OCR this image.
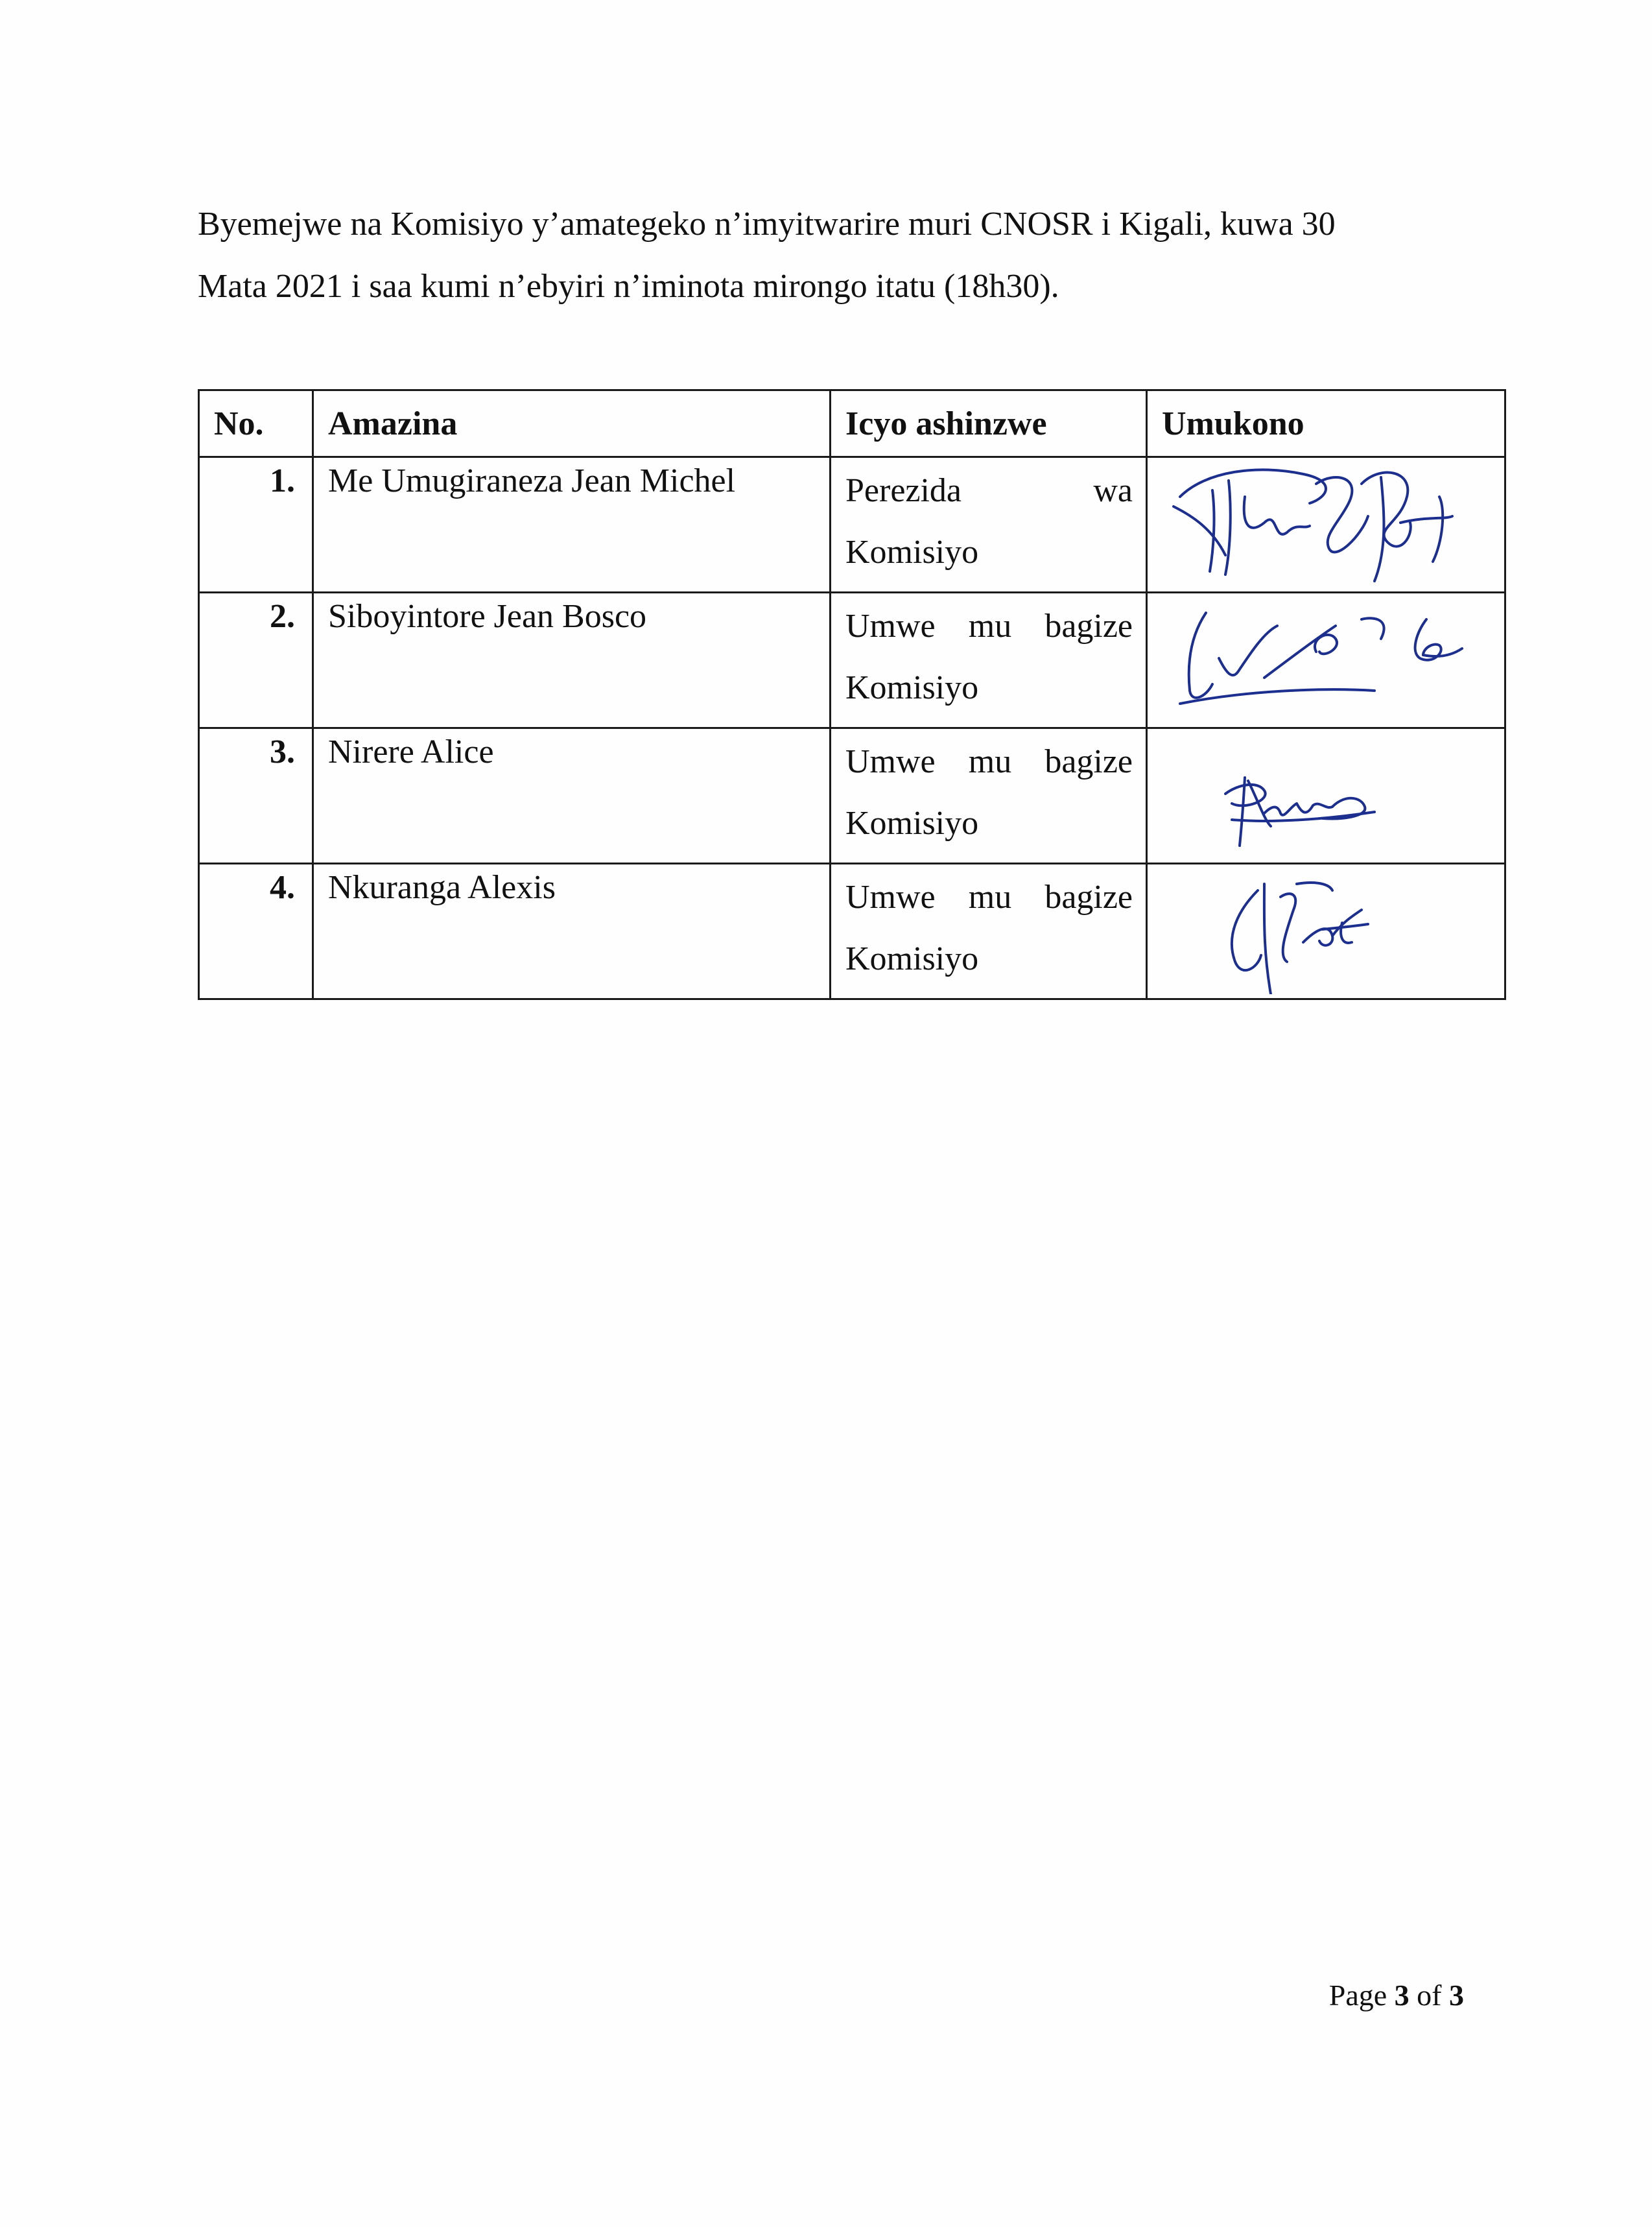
Byemejwe na Komisiyo y’amategeko n’imyitwarire muri CNOSR i Kigali, kuwa 30
Mata 2021 i saa kumi n’ebyiri n’iminota mirongo itatu (18h30).

No.	Amazina	Icyo ashinzwe	Umukono
1.	Me Umugiraneza Jean Michel	Perezida wa
Komisiyo

2.	Siboyintore Jean Bosco	Umwe mu bagize
Komisiyo

3.	Nirere Alice	Umwe mu bagize
Komisiyo

4.	Nkuranga Alexis	Umwe mu bagize
Komisiyo

Page 3 of 3
